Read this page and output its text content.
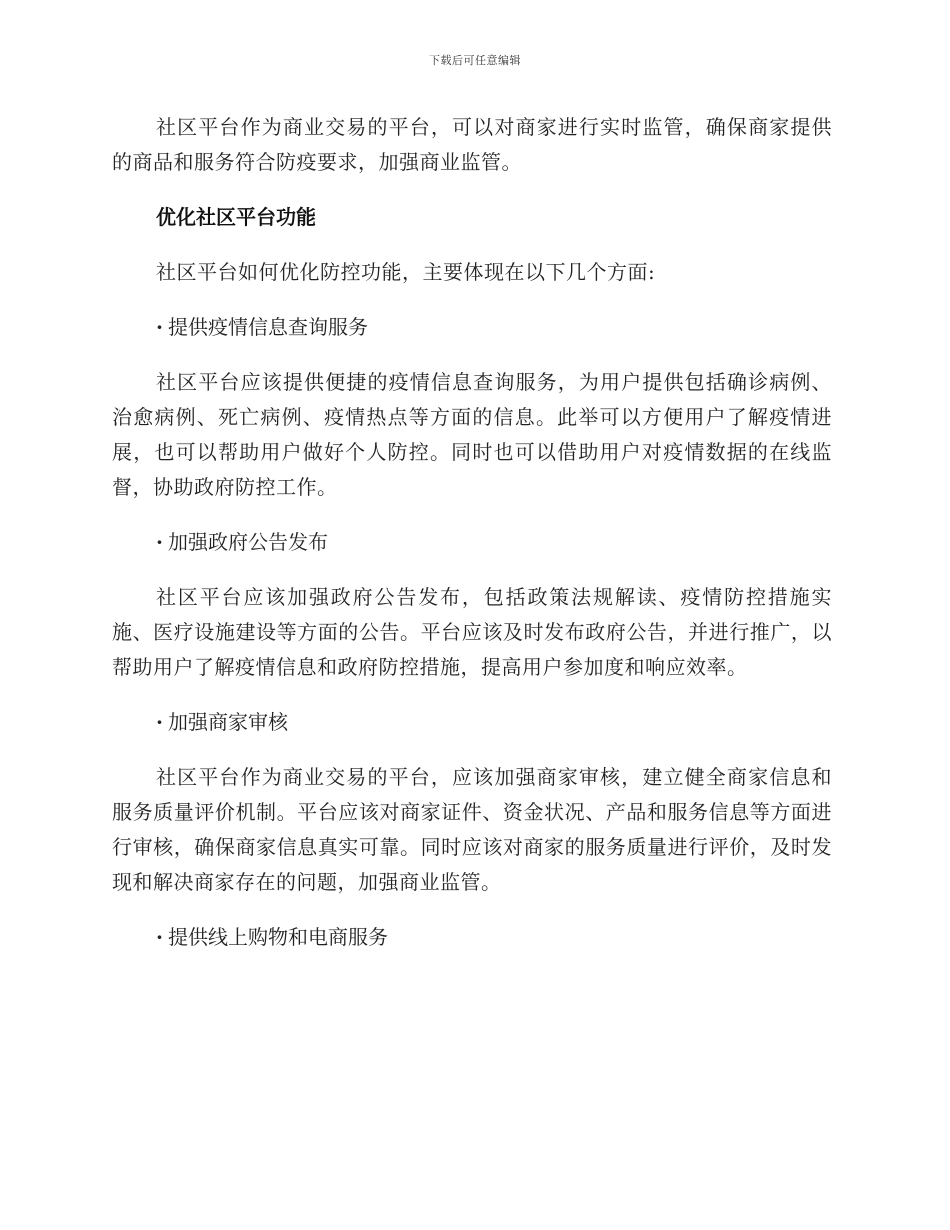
下载后可任意编辑

社区平台作为商业交易的平台，可以对商家进行实时监管，确保商家提供的商品和服务符合防疫要求，加强商业监管。

优化社区平台功能

社区平台如何优化防控功能，主要体现在以下几个方面:

· 提供疫情信息查询服务

社区平台应该提供便捷的疫情信息查询服务，为用户提供包括确诊病例、治愈病例、死亡病例、疫情热点等方面的信息。此举可以方便用户了解疫情进展，也可以帮助用户做好个人防控。同时也可以借助用户对疫情数据的在线监督，协助政府防控工作。

· 加强政府公告发布

社区平台应该加强政府公告发布，包括政策法规解读、疫情防控措施实施、医疗设施建设等方面的公告。平台应该及时发布政府公告，并进行推广，以帮助用户了解疫情信息和政府防控措施，提高用户参加度和响应效率。

· 加强商家审核

社区平台作为商业交易的平台，应该加强商家审核，建立健全商家信息和服务质量评价机制。平台应该对商家证件、资金状况、产品和服务信息等方面进行审核，确保商家信息真实可靠。同时应该对商家的服务质量进行评价，及时发现和解决商家存在的问题，加强商业监管。

· 提供线上购物和电商服务
